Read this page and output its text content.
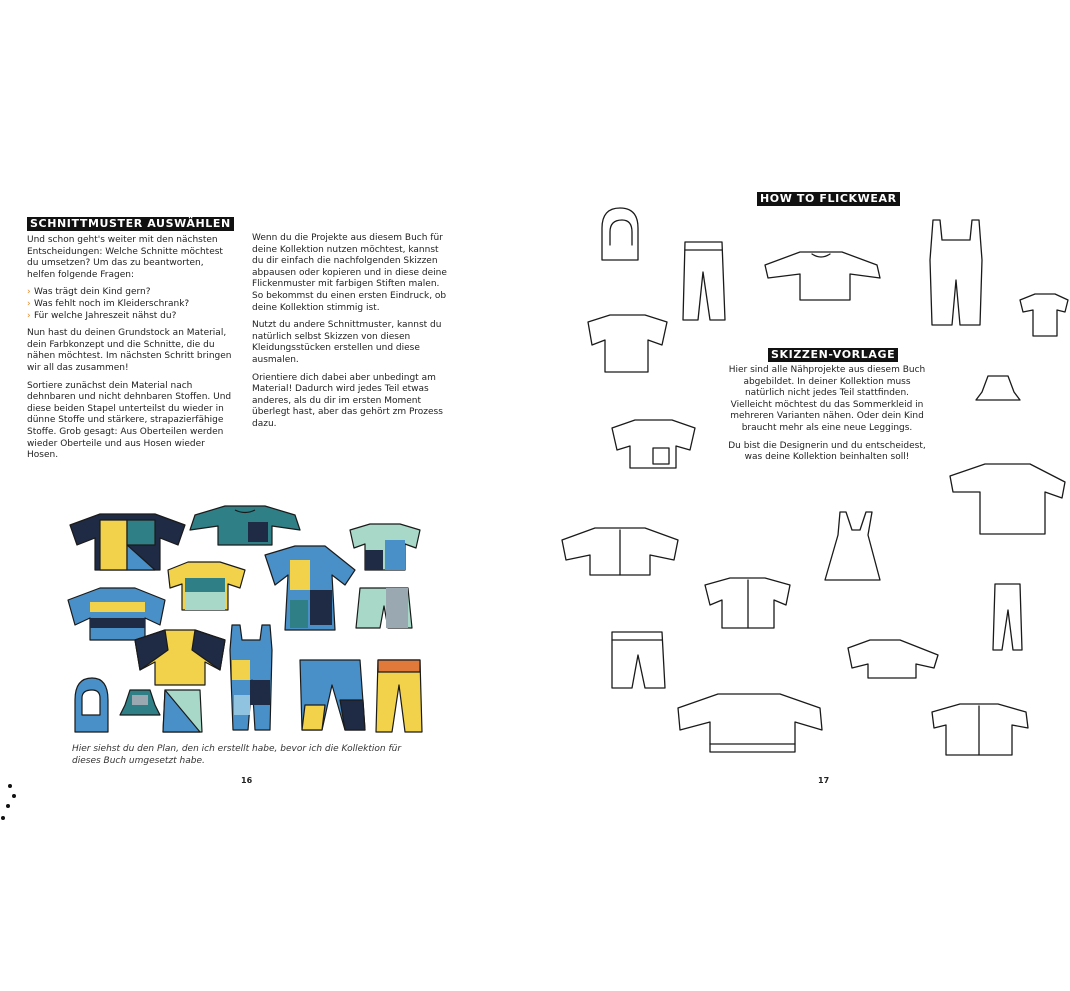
SCHNITTMUSTER AUSWÄHLEN

Und schon geht's weiter mit den nächsten Entscheidungen: Welche Schnitte möchtest du umsetzen? Um das zu beantworten, helfen folgende Fragen:

› Was trägt dein Kind gern?
› Was fehlt noch im Kleiderschrank?
› Für welche Jahreszeit nähst du?

Nun hast du deinen Grundstock an Material, dein Farbkonzept und die Schnitte, die du nähen möchtest. Im nächsten Schritt bringen wir all das zusammen!

Sortiere zunächst dein Material nach dehnbaren und nicht dehnbaren Stoffen. Und diese beiden Stapel unterteilst du wieder in dünne Stoffe und stärkere, strapazierfähige Stoffe. Grob gesagt: Aus Oberteilen werden wieder Oberteile und aus Hosen wieder Hosen.

Wenn du die Projekte aus diesem Buch für deine Kollektion nutzen möchtest, kannst du dir einfach die nachfolgenden Skizzen abpausen oder kopieren und in diese deine Flickenmuster mit farbigen Stiften malen. So bekommst du einen ersten Eindruck, ob deine Kollektion stimmig ist.

Nutzt du andere Schnittmuster, kannst du natürlich selbst Skizzen von diesen Kleidungsstücken erstellen und diese ausmalen.

Orientiere dich dabei aber unbedingt am Material! Dadurch wird jedes Teil etwas anderes, als du dir im ersten Moment überlegt hast, aber das gehört zm Prozess dazu.

Hier siehst du den Plan, den ich erstellt habe, bevor ich die Kollektion für dieses Buch umgesetzt habe.
16
HOW TO FLICKWEAR
SKIZZEN-VORLAGE

Hier sind alle Nähprojekte aus diesem Buch abgebildet. In deiner Kollektion muss natürlich nicht jedes Teil stattfinden. Vielleicht möchtest du das Sommerkleid in mehreren Varianten nähen. Oder dein Kind braucht mehr als eine neue Leggings.

Du bist die Designerin und du entscheidest, was deine Kollektion beinhalten soll!

17
